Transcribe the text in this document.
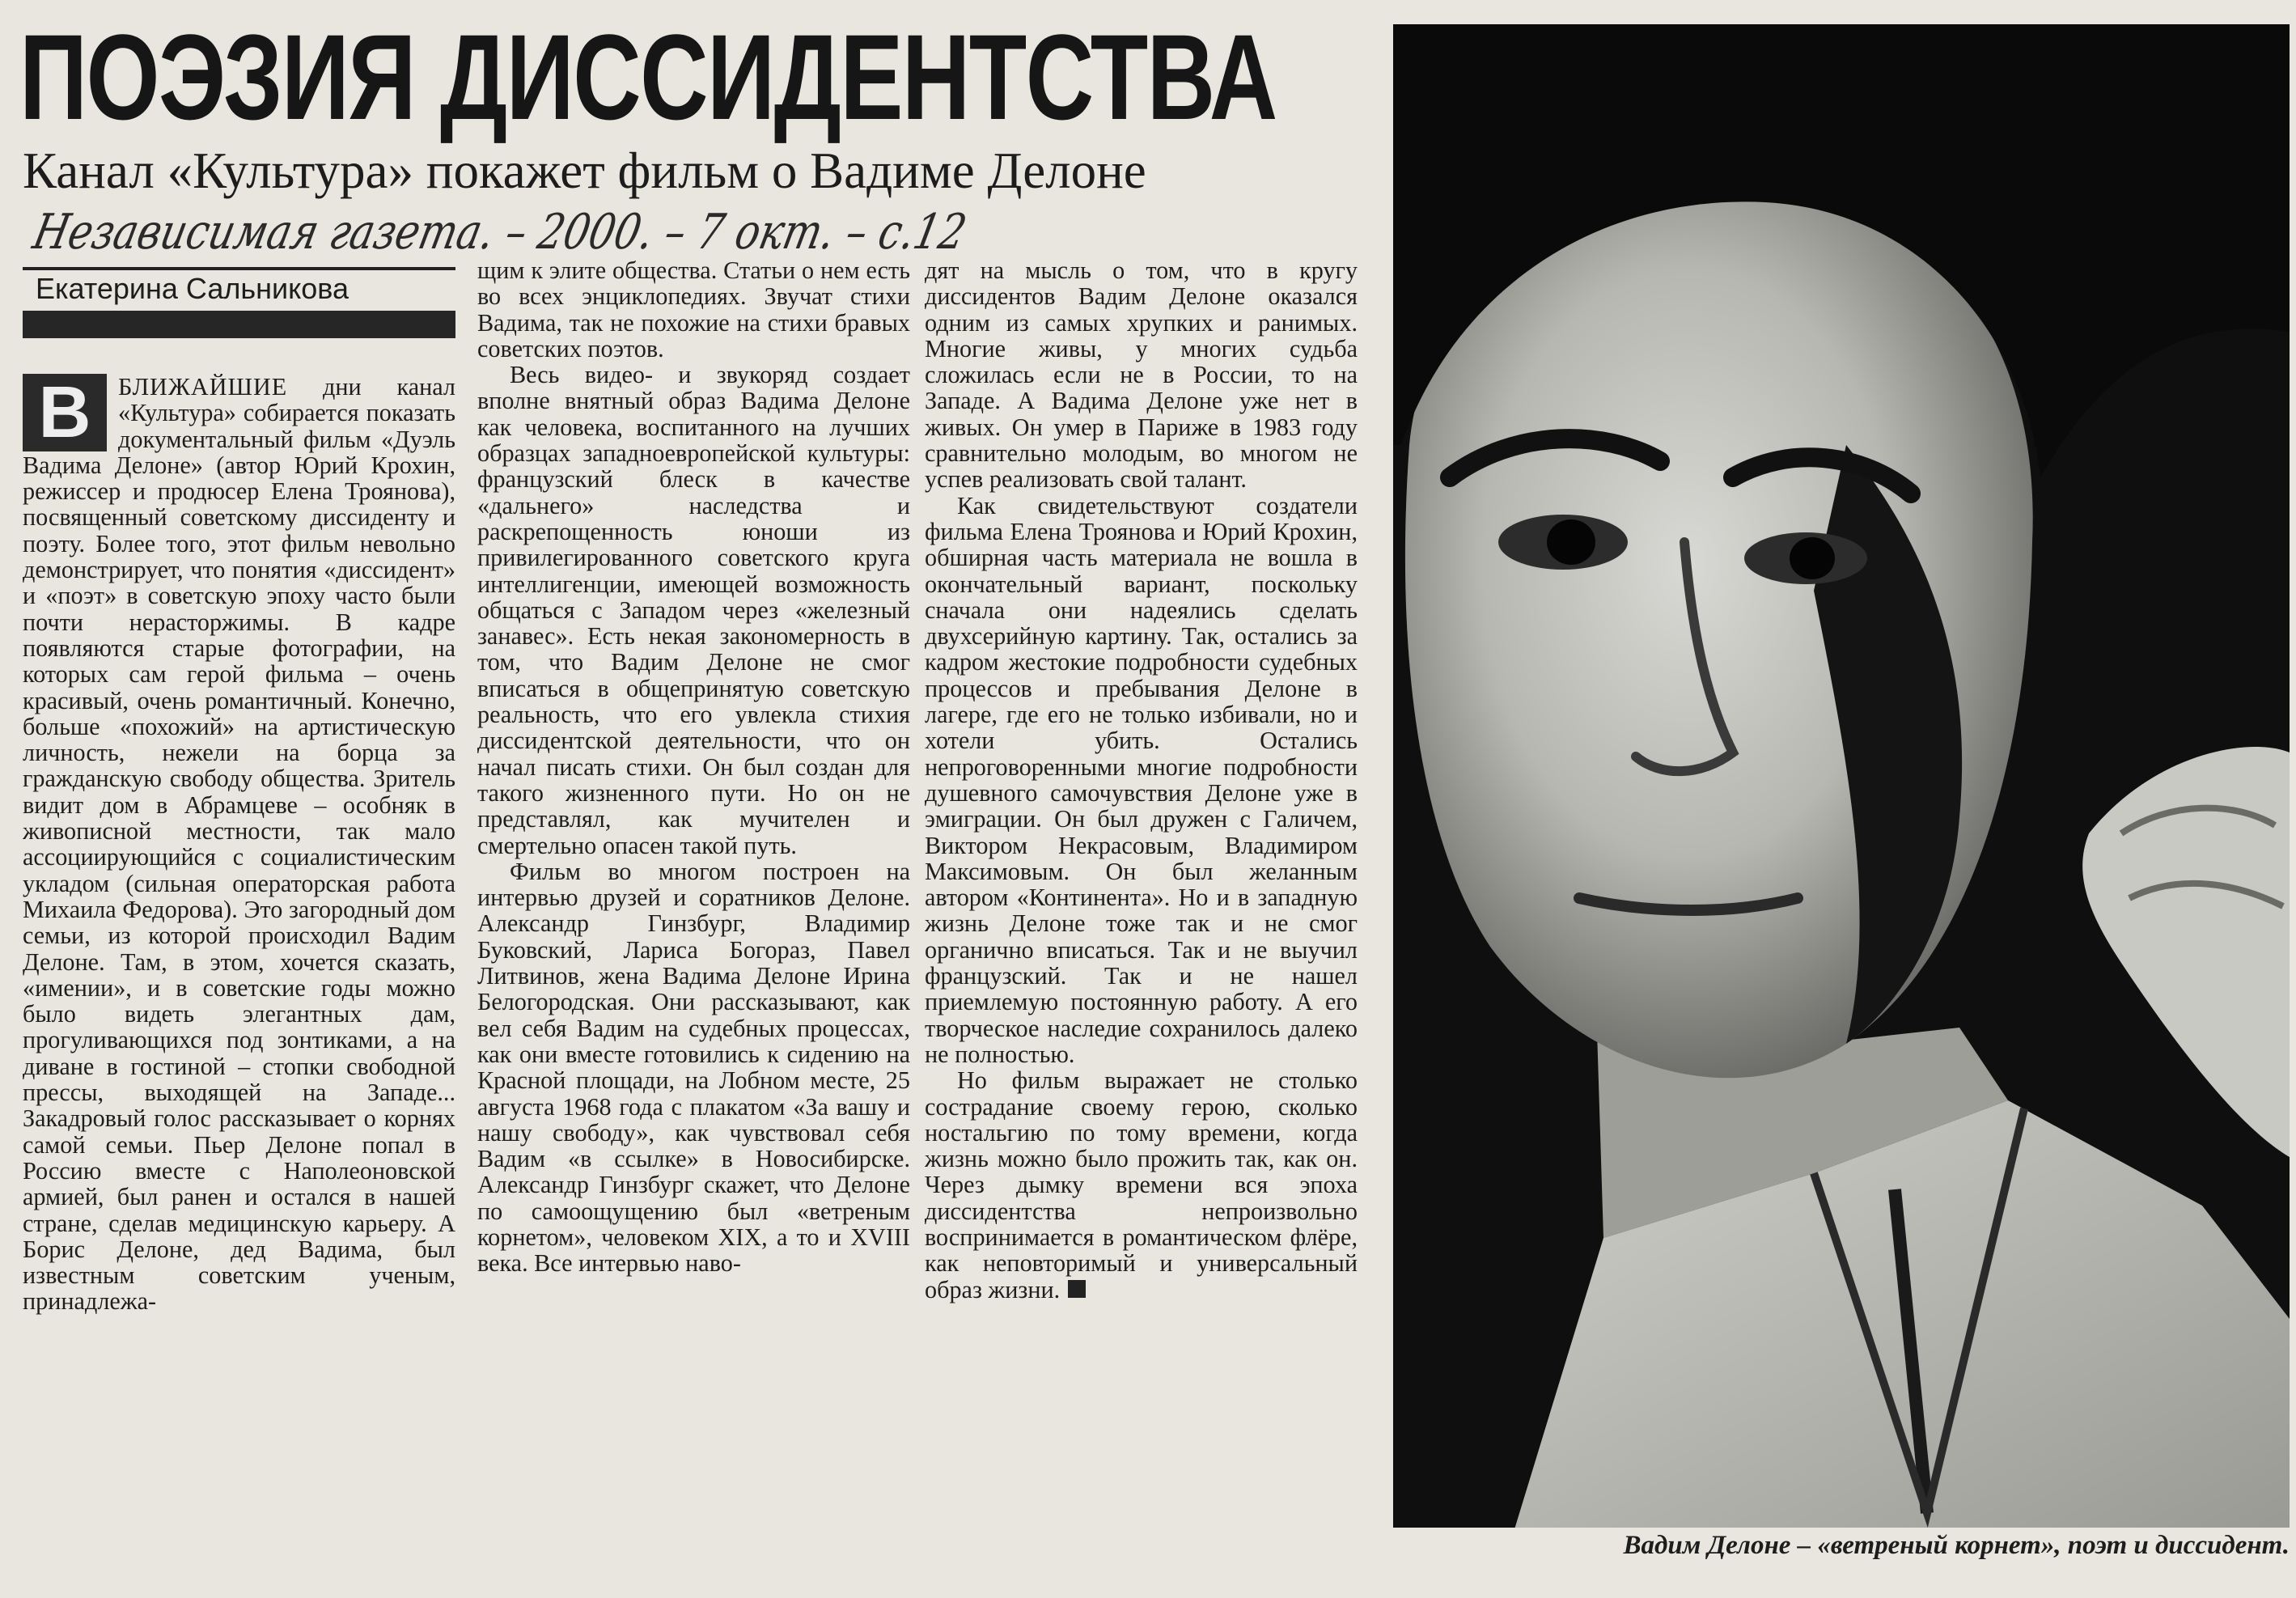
ПОЭЗИЯ ДИССИДЕНТСТВА
Канал «Культура» покажет фильм о Вадиме Делоне
Независимая газета. – 2000. – 7 окт. – с.12
Екатерина Сальникова

В	БЛИЖАЙШИЕ дни канал «Культура» собирается показать документальный фильм «Дуэль Вадима Делоне» (автор Юрий Крохин, режиссер и продюсер Елена Троянова), посвященный советскому диссиденту и поэту. Более того, этот фильм невольно демонстрирует, что понятия «диссидент» и «поэт» в советскую эпоху часто были почти нерасторжимы. В кадре появляются старые фотографии, на которых сам герой фильма – очень красивый, очень романтичный. Конечно, больше «похожий» на артистическую личность, нежели на борца за гражданскую свободу общества. Зритель видит дом в Абрамцеве – особняк в живописной местности, так мало ассоциирующийся с социалистическим укладом (сильная операторская работа Михаила Федорова). Это загородный дом семьи, из которой происходил Вадим Делоне. Там, в этом, хочется сказать, «имении», и в советские годы можно было видеть элегантных дам, прогуливающихся под зонтиками, а на диване в гостиной – стопки свободной прессы, выходящей на Западе... Закадровый голос рассказывает о корнях самой семьи. Пьер Делоне попал в Россию вместе с Наполеоновской армией, был ранен и остался в нашей стране, сделав медицинскую карьеру. А Борис Делоне, дед Вадима, был известным советским ученым, принадлежа-

щим к элите общества. Статьи о нем есть во всех энциклопедиях. Звучат стихи Вадима, так не похожие на стихи бравых советских поэтов.

Весь видео- и звукоряд создает вполне внятный образ Вадима Делоне как человека, воспитанного на лучших образцах западноевропейской культуры: французский блеск в качестве «дальнего» наследства и раскрепощенность юноши из привилегированного советского круга интеллигенции, имеющей возможность общаться с Западом через «железный занавес». Есть некая закономерность в том, что Вадим Делоне не смог вписаться в общепринятую советскую реальность, что его увлекла стихия диссидентской деятельности, что он начал писать стихи. Он был создан для такого жизненного пути. Но он не представлял, как мучителен и смертельно опасен такой путь.

Фильм во многом построен на интервью друзей и соратников Делоне. Александр Гинзбург, Владимир Буковский, Лариса Богораз, Павел Литвинов, жена Вадима Делоне Ирина Белогородская. Они рассказывают, как вел себя Вадим на судебных процессах, как они вместе готовились к сидению на Красной площади, на Лобном месте, 25 августа 1968 года с плакатом «За вашу и нашу свободу», как чувствовал себя Вадим «в ссылке» в Новосибирске. Александр Гинзбург скажет, что Делоне по самоощущению был «ветреным корнетом», человеком XIX, а то и XVIII века. Все интервью наво-

дят на мысль о том, что в кругу диссидентов Вадим Делоне оказался одним из самых хрупких и ранимых. Многие живы, у многих судьба сложилась если не в России, то на Западе. А Вадима Делоне уже нет в живых. Он умер в Париже в 1983 году сравнительно молодым, во многом не успев реализовать свой талант.

Как свидетельствуют создатели фильма Елена Троянова и Юрий Крохин, обширная часть материала не вошла в окончательный вариант, поскольку сначала они надеялись сделать двухсерийную картину. Так, остались за кадром жестокие подробности судебных процессов и пребывания Делоне в лагере, где его не только избивали, но и хотели убить. Остались непроговоренными многие подробности душевного самочувствия Делоне уже в эмиграции. Он был дружен с Галичем, Виктором Некрасовым, Владимиром Максимовым. Он был желанным автором «Континента». Но и в западную жизнь Делоне тоже так и не смог органично вписаться. Так и не выучил французский. Так и не нашел приемлемую постоянную работу. А его творческое наследие сохранилось далеко не полностью.

Но фильм выражает не столько сострадание своему герою, сколько ностальгию по тому времени, когда жизнь можно было прожить так, как он. Через дымку времени вся эпоха диссидентства непроизвольно воспринимается в романтическом флёре, как неповторимый и универсальный образ жизни.

Вадим Делоне – «ветреный корнет», поэт и диссидент.
